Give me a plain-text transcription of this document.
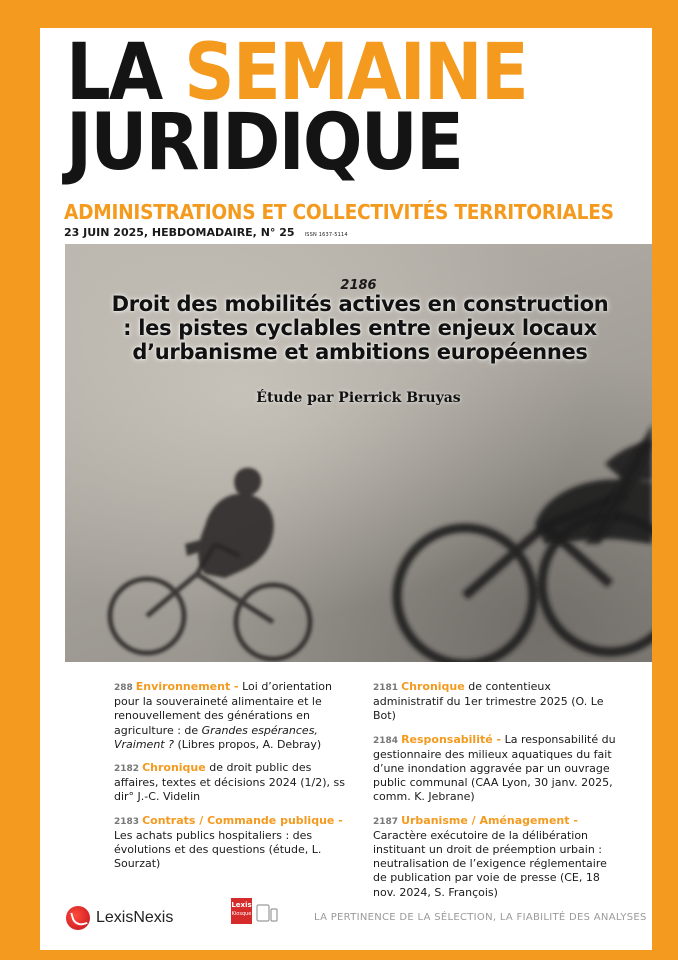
LA SEMAINE
JURIDIQUE
ADMINISTRATIONS ET COLLECTIVITÉS TERRITORIALES
23 JUIN 2025, HEBDOMADAIRE, N° 25 ISSN 1637-5114
2186
Droit des mobilités actives en construction : les pistes cyclables entre enjeux locaux d’urbanisme et ambitions européennes
Étude par Pierrick Bruyas
288 Environnement - Loi d’orientation pour la souveraineté alimentaire et le renouvellement des générations en agriculture : de Grandes espérances, Vraiment ? (Libres propos, A. Debray)
2182 Chronique de droit public des affaires, textes et décisions 2024 (1/2), ss dir° J.-C. Videlin
2183 Contrats / Commande publique - Les achats publics hospitaliers : des évolutions et des questions (étude, L. Sourzat)
2181 Chronique de contentieux administratif du 1er trimestre 2025 (O. Le Bot)
2184 Responsabilité - La responsabilité du gestionnaire des milieux aquatiques du fait d’une inondation aggravée par un ouvrage public communal (CAA Lyon, 30 janv. 2025, comm. K. Jebrane)
2187 Urbanisme / Aménagement - Caractère exécutoire de la délibération instituant un droit de préemption urbain : neutralisation de l’exigence réglementaire de publication par voie de presse (CE, 18 nov. 2024, S. François)
LexisNexis
Lexis
Kiosque	LA PERTINENCE DE LA SÉLECTION, LA FIABILITÉ DES ANALYSES
